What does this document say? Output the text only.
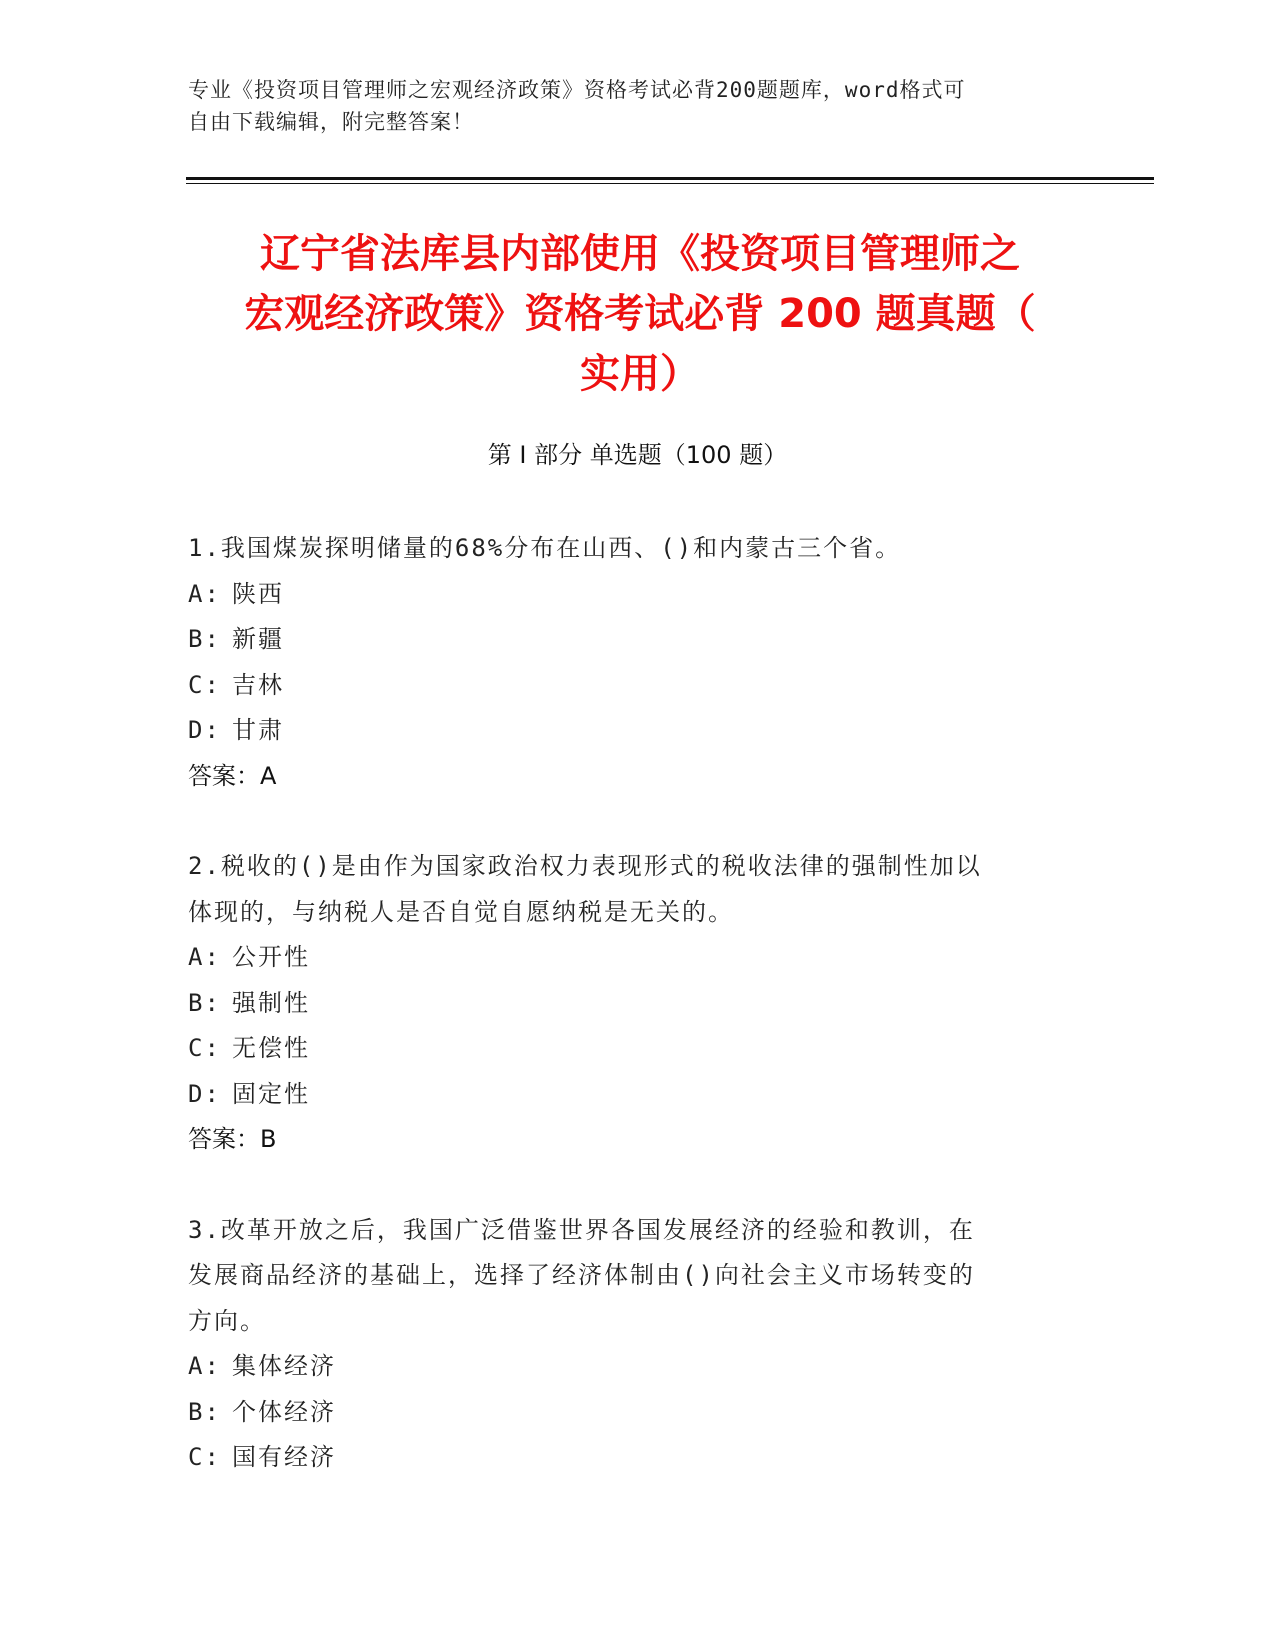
专业《投资项目管理师之宏观经济政策》资格考试必背200题题库，word格式可
自由下载编辑，附完整答案！
辽宁省法库县内部使用《投资项目管理师之
宏观经济政策》资格考试必背 200 题真题（
实用）
第 I 部分 单选题（100 题）
1.我国煤炭探明储量的68%分布在山西、()和内蒙古三个省。
A: 陕西
B: 新疆
C: 吉林
D: 甘肃
答案：A
2.税收的()是由作为国家政治权力表现形式的税收法律的强制性加以
体现的，与纳税人是否自觉自愿纳税是无关的。
A: 公开性
B: 强制性
C: 无偿性
D: 固定性
答案：B
3.改革开放之后，我国广泛借鉴世界各国发展经济的经验和教训，在
发展商品经济的基础上，选择了经济体制由()向社会主义市场转变的
方向。
A: 集体经济
B: 个体经济
C: 国有经济
